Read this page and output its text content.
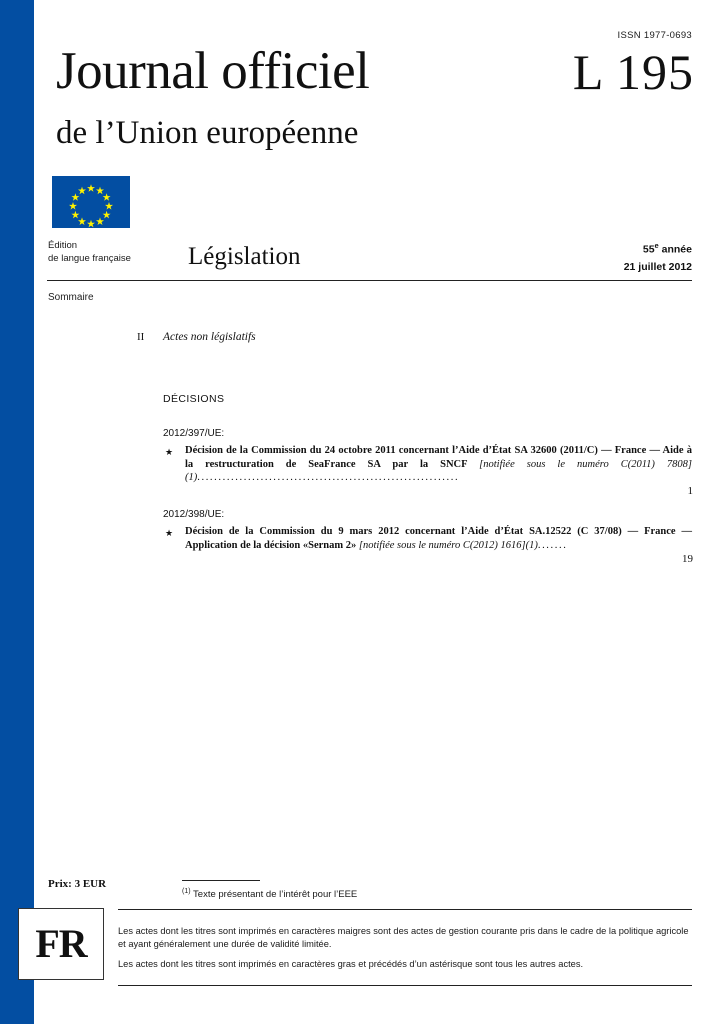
ISSN 1977-0693
Journal officiel
de l’Union européenne
L 195
Édition
de langue française Législation	55e année
21 juillet 2012
Sommaire
II Actes non législatifs
DÉCISIONS
2012/397/UE:
★ Décision de la Commission du 24 octobre 2011 concernant l’Aide d’État SA 32600 (2011/C) — France — Aide à la restructuration de SeaFrance SA par la SNCF [notifiée sous le numéro C(2011) 7808](1)..............................................................
1
2012/398/UE:
★ Décision de la Commission du 9 mars 2012 concernant l’Aide d’État SA.12522 (C 37/08) — France — Application de la décision «Sernam 2» [notifiée sous le numéro C(2012) 1616](1).......
19
Prix: 3 EUR
$^{(1)}$ Texte présentant de l’intérêt pour l’EEE
FR	Les actes dont les titres sont imprimés en caractères maigres sont des actes de gestion courante pris dans le cadre de la politique agricole et ayant généralement une durée de validité limitée.
Les actes dont les titres sont imprimés en caractères gras et précédés d’un astérisque sont tous les autres actes.
